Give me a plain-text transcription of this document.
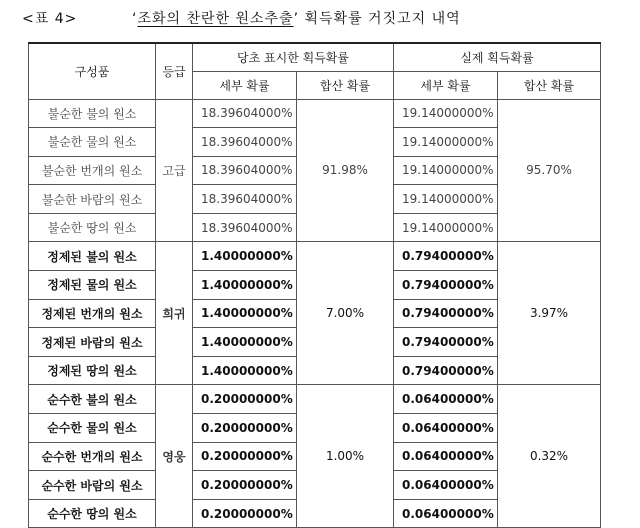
<표 4>	‘조화의 찬란한 원소추출’ 획득확률 거짓고지 내역
구성품	등급	당초 표시한 획득확률		실제 획득확률	
		세부 확률	합산 확률	세부 확률	합산 확률
불순한 불의 원소	고급	18.39604000%	91.98%	19.14000000%	95.70%
불순한 물의 원소		18.39604000%		19.14000000%	
불순한 번개의 원소		18.39604000%		19.14000000%	
불순한 바람의 원소		18.39604000%		19.14000000%	
불순한 땅의 원소		18.39604000%		19.14000000%	
정제된 불의 원소	희귀	1.40000000%	7.00%	0.79400000%	3.97%
정제된 물의 원소		1.40000000%		0.79400000%	
정제된 번개의 원소		1.40000000%		0.79400000%	
정제된 바람의 원소		1.40000000%		0.79400000%	
정제된 땅의 원소		1.40000000%		0.79400000%	
순수한 불의 원소	영웅	0.20000000%	1.00%	0.06400000%	0.32%
순수한 물의 원소		0.20000000%		0.06400000%	
순수한 번개의 원소		0.20000000%		0.06400000%	
순수한 바람의 원소		0.20000000%		0.06400000%	
순수한 땅의 원소		0.20000000%		0.06400000%	
